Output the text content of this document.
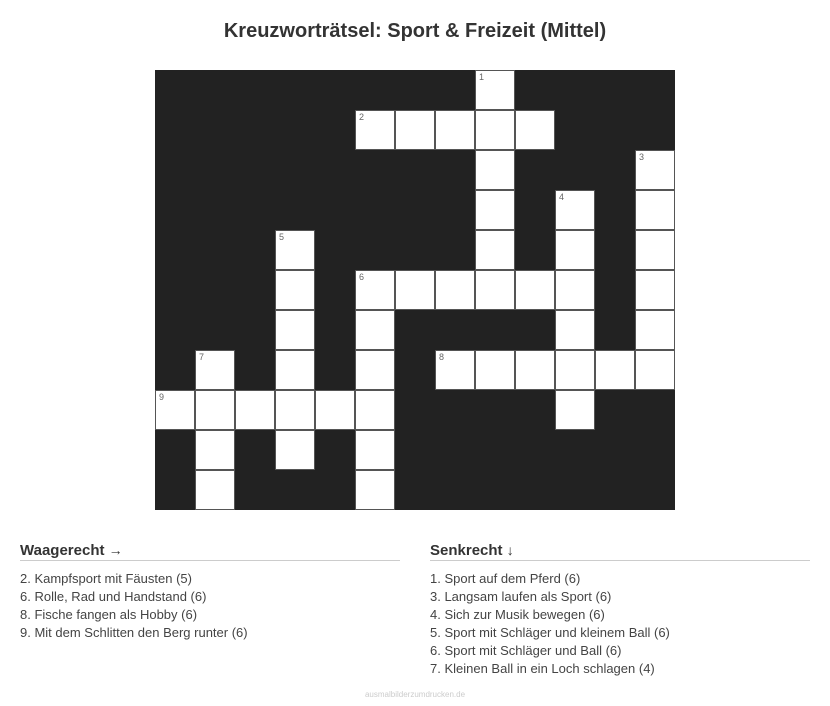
Kreuzworträtsel: Sport & Freizeit (Mittel)
1
2
3
4
5
6
7	8
9
Waagerecht →
2. Kampfsport mit Fäusten (5)
6. Rolle, Rad und Handstand (6)
8. Fische fangen als Hobby (6)
9. Mit dem Schlitten den Berg runter (6)
Senkrecht ↓
1. Sport auf dem Pferd (6)
3. Langsam laufen als Sport (6)
4. Sich zur Musik bewegen (6)
5. Sport mit Schläger und kleinem Ball (6)
6. Sport mit Schläger und Ball (6)
7. Kleinen Ball in ein Loch schlagen (4)
ausmalbilderzumdrucken.de
